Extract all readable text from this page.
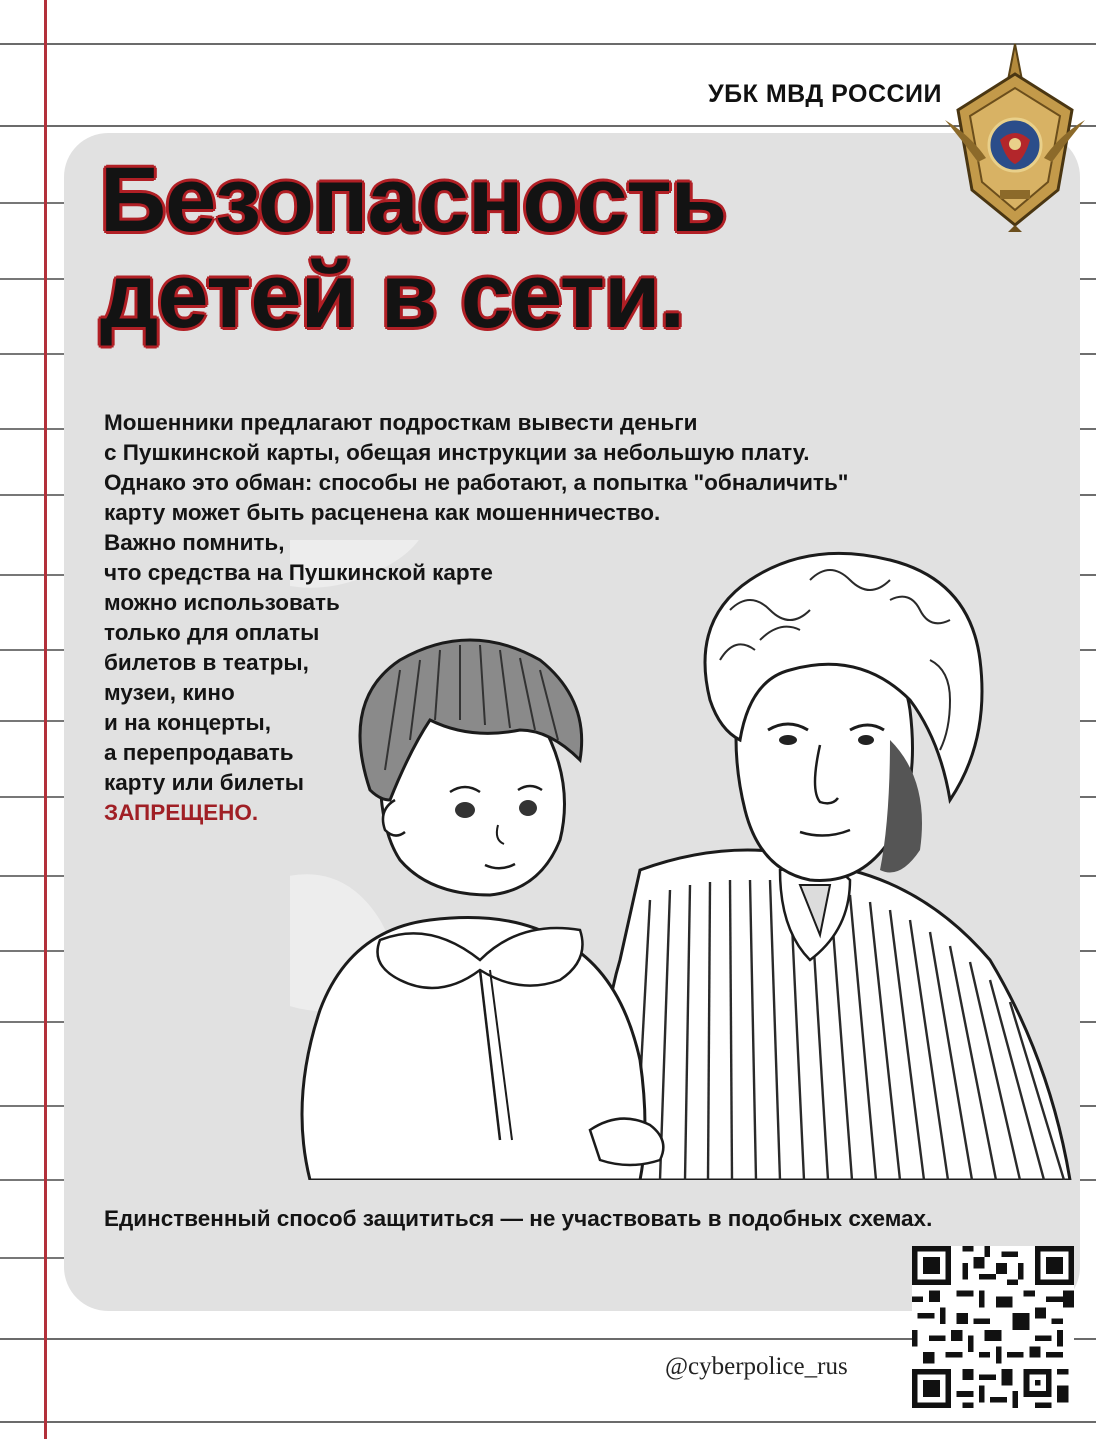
УБК МВД РОССИИ
Безопасность
детей в сети.
Мошенники предлагают подросткам вывести деньги
с Пушкинской карты, обещая инструкции за небольшую плату.
Однако это обман: способы не работают, а попытка "обналичить"
карту может быть расценена как мошенничество.
Важно помнить,
что средства на Пушкинской карте
можно использовать
только для оплаты
билетов в театры,
музеи, кино
и на концерты,
а перепродавать
карту или билеты
ЗАПРЕЩЕНО.
Единственный способ защититься — не участвовать в подобных схемах.
@cyberpolice_rus
